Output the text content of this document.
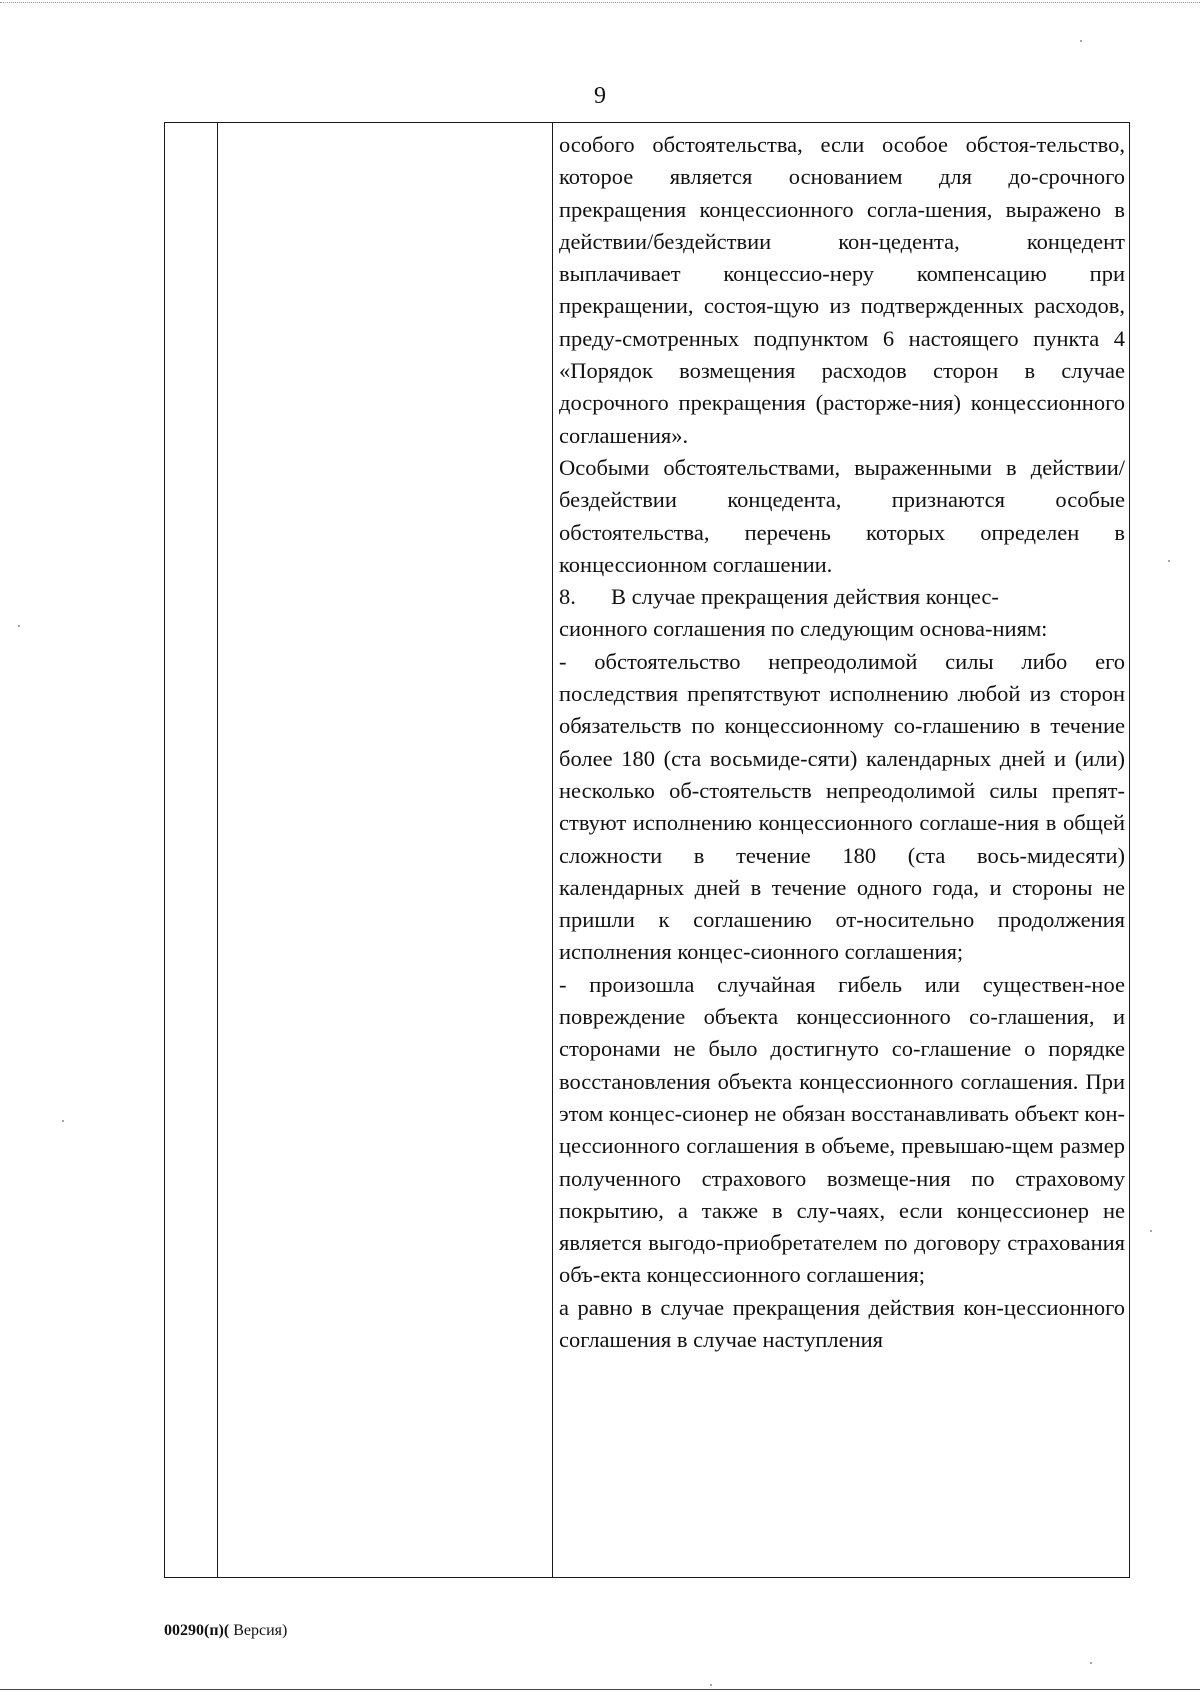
9

особого обстоятельства, если особое обстоя-тельство, которое является основанием для до-срочного прекращения концессионного согла-шения, выражено в действии/бездействии кон-цедента, концедент выплачивает концессио-неру компенсацию при прекращении, состоя-щую из подтвержденных расходов, преду-смотренных подпунктом 6 настоящего пункта 4 «Порядок возмещения расходов сторон в случае досрочного прекращения (расторже-ния) концессионного соглашения».

Особыми обстоятельствами, выраженными в действии/бездействии концедента, признаются особые обстоятельства, перечень которых определен в концессионном соглашении.

8. В случае прекращения действия концес-

сионного соглашения по следующим основа-ниям:

- обстоятельство непреодолимой силы либо его последствия препятствуют исполнению любой из сторон обязательств по концессионному со-глашению в течение более 180 (ста восьмиде-сяти) календарных дней и (или) несколько об-стоятельств непреодолимой силы препят-ствуют исполнению концессионного соглаше-ния в общей сложности в течение 180 (ста вось-мидесяти) календарных дней в течение одного года, и стороны не пришли к соглашению от-носительно продолжения исполнения концес-сионного соглашения;

- произошла случайная гибель или существен-ное повреждение объекта концессионного со-глашения, и сторонами не было достигнуто со-глашение о порядке восстановления объекта концессионного соглашения. При этом концес-сионер не обязан восстанавливать объект кон-цессионного соглашения в объеме, превышаю-щем размер полученного страхового возмеще-ния по страховому покрытию, а также в слу-чаях, если концессионер не является выгодо-приобретателем по договору страхования объ-екта концессионного соглашения;

а равно в случае прекращения действия кон-цессионного соглашения в случае наступления

00290(п)( Версия)
